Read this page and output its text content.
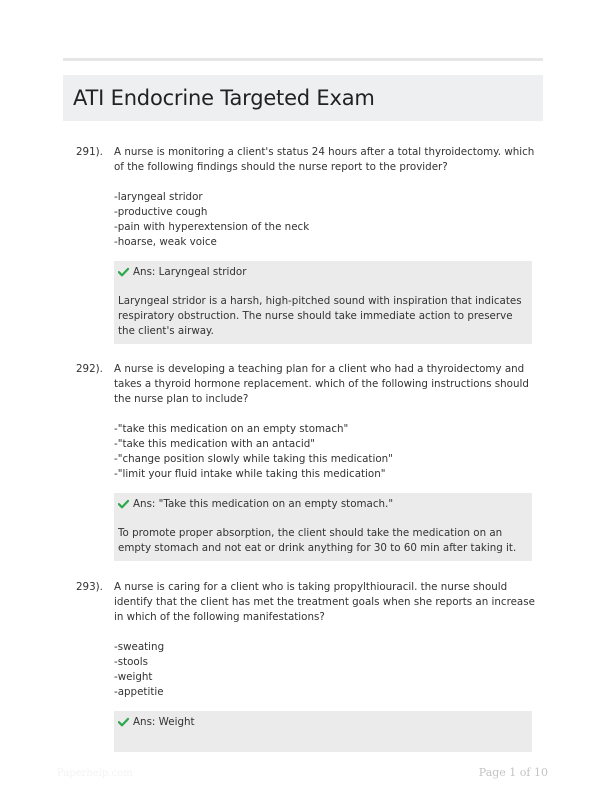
ATI Endocrine Targeted Exam
291). A nurse is monitoring a client's status 24 hours after a total thyroidectomy. which of the following findings should the nurse report to the provider?

-laryngeal stridor
-productive cough
-pain with hyperextension of the neck
-hoarse, weak voice
Ans: Laryngeal stridor

Laryngeal stridor is a harsh, high-pitched sound with inspiration that indicates respiratory obstruction. The nurse should take immediate action to preserve the client's airway.

292). A nurse is developing a teaching plan for a client who had a thyroidectomy and takes a thyroid hormone replacement. which of the following instructions should the nurse plan to include?

-"take this medication on an empty stomach"
-"take this medication with an antacid"
-"change position slowly while taking this medication"
-"limit your fluid intake while taking this medication"
Ans: "Take this medication on an empty stomach."

To promote proper absorption, the client should take the medication on an empty stomach and not eat or drink anything for 30 to 60 min after taking it.

293). A nurse is caring for a client who is taking propylthiouracil. the nurse should identify that the client has met the treatment goals when she reports an increase in which of the following manifestations?

-sweating
-stools
-weight
-appetitie
Ans: Weight
Paperhelp.com	Page 1 of 10
